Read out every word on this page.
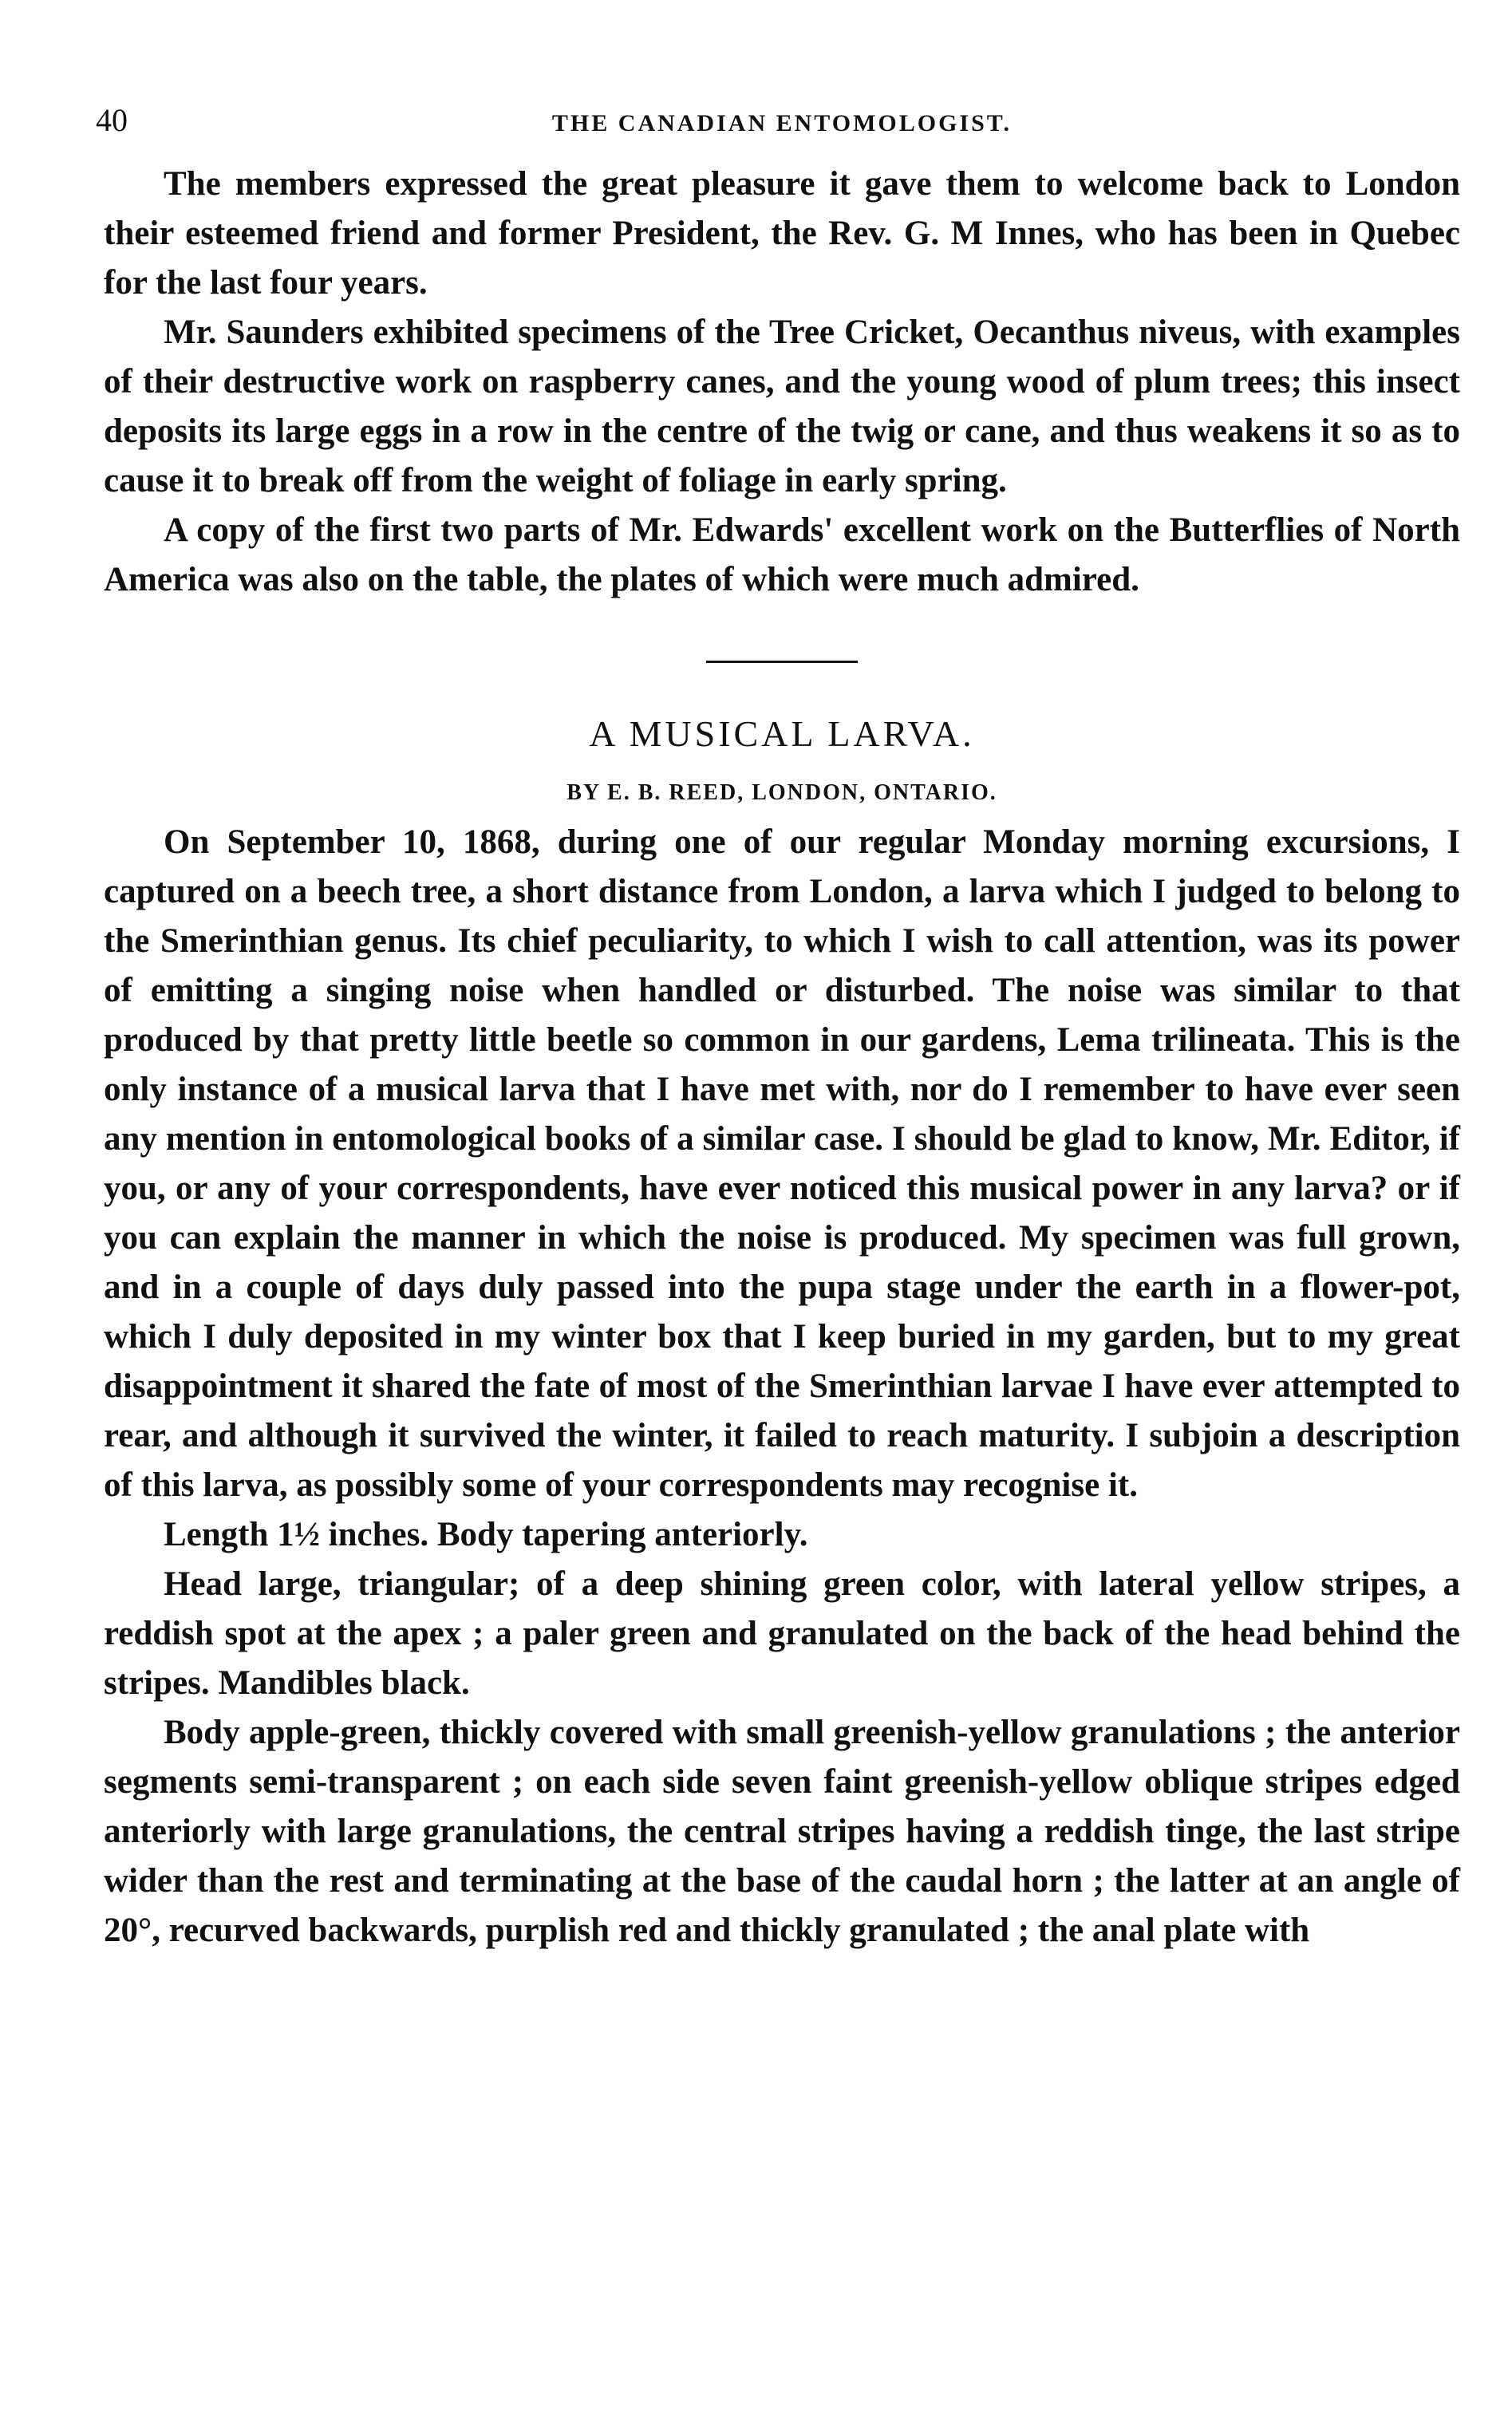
40	THE CANADIAN ENTOMOLOGIST.

The members expressed the great pleasure it gave them to welcome back to London their esteemed friend and former President, the Rev. G. M Innes, who has been in Quebec for the last four years.

Mr. Saunders exhibited specimens of the Tree Cricket, Oecanthus niveus, with examples of their destructive work on raspberry canes, and the young wood of plum trees; this insect deposits its large eggs in a row in the centre of the twig or cane, and thus weakens it so as to cause it to break off from the weight of foliage in early spring.

A copy of the first two parts of Mr. Edwards' excellent work on the Butterflies of North America was also on the table, the plates of which were much admired.

A MUSICAL LARVA.
BY E. B. REED, LONDON, ONTARIO.

On September 10, 1868, during one of our regular Monday morning excursions, I captured on a beech tree, a short distance from London, a larva which I judged to belong to the Smerinthian genus. Its chief peculiarity, to which I wish to call attention, was its power of emitting a singing noise when handled or disturbed. The noise was similar to that produced by that pretty little beetle so common in our gardens, Lema trilineata. This is the only instance of a musical larva that I have met with, nor do I remember to have ever seen any mention in entomological books of a similar case. I should be glad to know, Mr. Editor, if you, or any of your correspondents, have ever noticed this musical power in any larva? or if you can explain the manner in which the noise is produced. My specimen was full grown, and in a couple of days duly passed into the pupa stage under the earth in a flower-pot, which I duly deposited in my winter box that I keep buried in my garden, but to my great disappointment it shared the fate of most of the Smerinthian larvae I have ever attempted to rear, and although it survived the winter, it failed to reach maturity. I subjoin a description of this larva, as possibly some of your correspondents may recognise it.

Length 1½ inches. Body tapering anteriorly.

Head large, triangular; of a deep shining green color, with lateral yellow stripes, a reddish spot at the apex ; a paler green and granulated on the back of the head behind the stripes. Mandibles black.

Body apple-green, thickly covered with small greenish-yellow granulations ; the anterior segments semi-transparent ; on each side seven faint greenish-yellow oblique stripes edged anteriorly with large granulations, the central stripes having a reddish tinge, the last stripe wider than the rest and terminating at the base of the caudal horn ; the latter at an angle of 20°, recurved backwards, purplish red and thickly granulated ; the anal plate with
